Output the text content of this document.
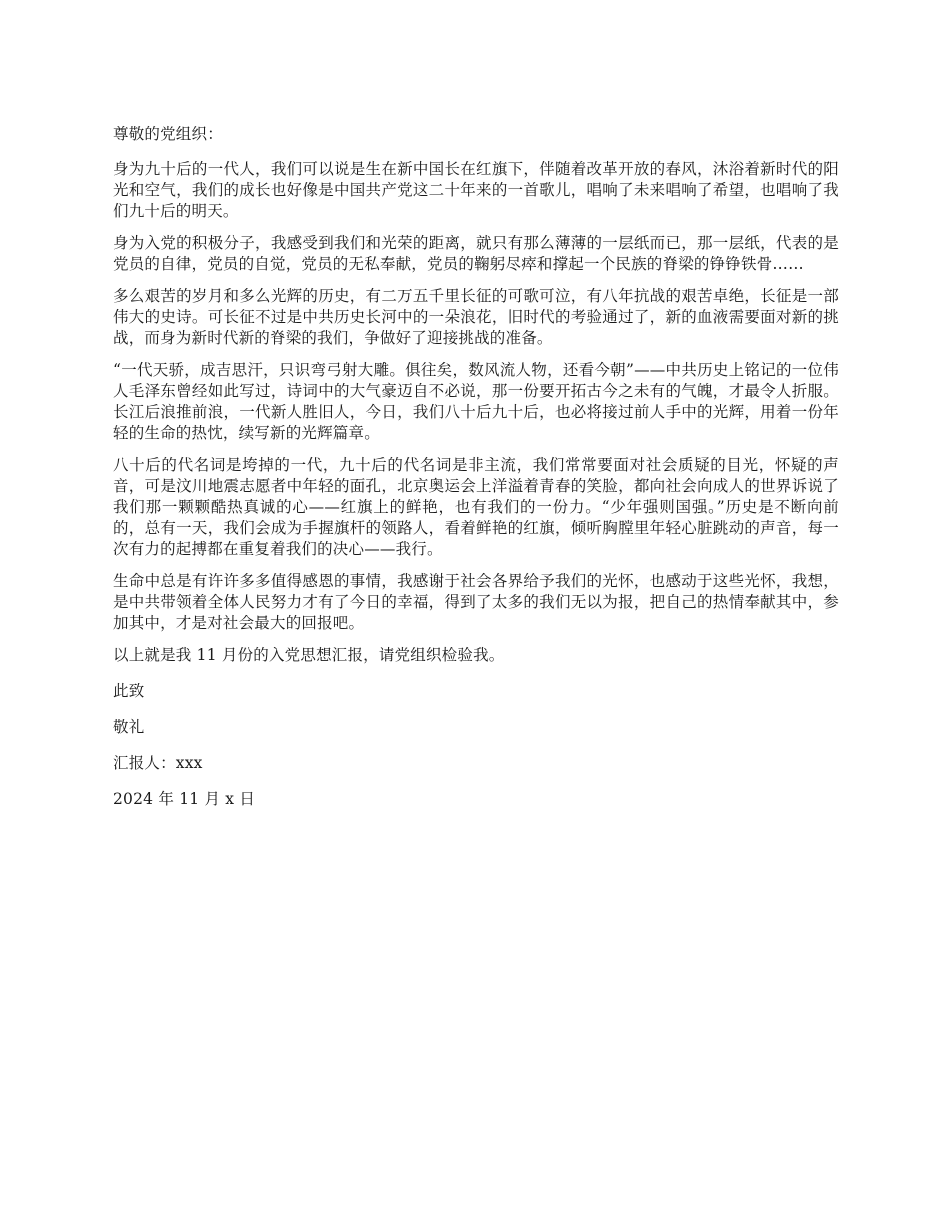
尊敬的党组织：

身为九十后的一代人，我们可以说是生在新中国长在红旗下，伴随着改革开放的春风，沐浴着新时代的阳光和空气，我们的成长也好像是中国共产党这二十年来的一首歌儿，唱响了未来唱响了希望，也唱响了我们九十后的明天。

身为入党的积极分子，我感受到我们和光荣的距离，就只有那么薄薄的一层纸而已，那一层纸，代表的是党员的自律，党员的自觉，党员的无私奉献，党员的鞠躬尽瘁和撑起一个民族的脊梁的铮铮铁骨……

多么艰苦的岁月和多么光辉的历史，有二万五千里长征的可歌可泣，有八年抗战的艰苦卓绝，长征是一部伟大的史诗。可长征不过是中共历史长河中的一朵浪花，旧时代的考验通过了，新的血液需要面对新的挑战，而身为新时代新的脊梁的我们，争做好了迎接挑战的准备。

“一代天骄，成吉思汗，只识弯弓射大雕。俱往矣，数风流人物，还看今朝”——中共历史上铭记的一位伟人毛泽东曾经如此写过，诗词中的大气豪迈自不必说，那一份要开拓古今之未有的气魄，才最令人折服。长江后浪推前浪，一代新人胜旧人，今日，我们八十后九十后，也必将接过前人手中的光辉，用着一份年轻的生命的热忱，续写新的光辉篇章。

八十后的代名词是垮掉的一代，九十后的代名词是非主流，我们常常要面对社会质疑的目光，怀疑的声音，可是汶川地震志愿者中年轻的面孔，北京奥运会上洋溢着青春的笑脸，都向社会向成人的世界诉说了我们那一颗颗酷热真诚的心——红旗上的鲜艳，也有我们的一份力。“少年强则国强。”历史是不断向前的，总有一天，我们会成为手握旗杆的领路人，看着鲜艳的红旗，倾听胸膛里年轻心脏跳动的声音，每一次有力的起搏都在重复着我们的决心——我行。

生命中总是有许许多多值得感恩的事情，我感谢于社会各界给予我们的光怀，也感动于这些光怀，我想，是中共带领着全体人民努力才有了今日的幸福，得到了太多的我们无以为报，把自己的热情奉献其中，参加其中，才是对社会最大的回报吧。

以上就是我 11 月份的入党思想汇报，请党组织检验我。

此致

敬礼

汇报人：xxx

2024 年 11 月 x 日
